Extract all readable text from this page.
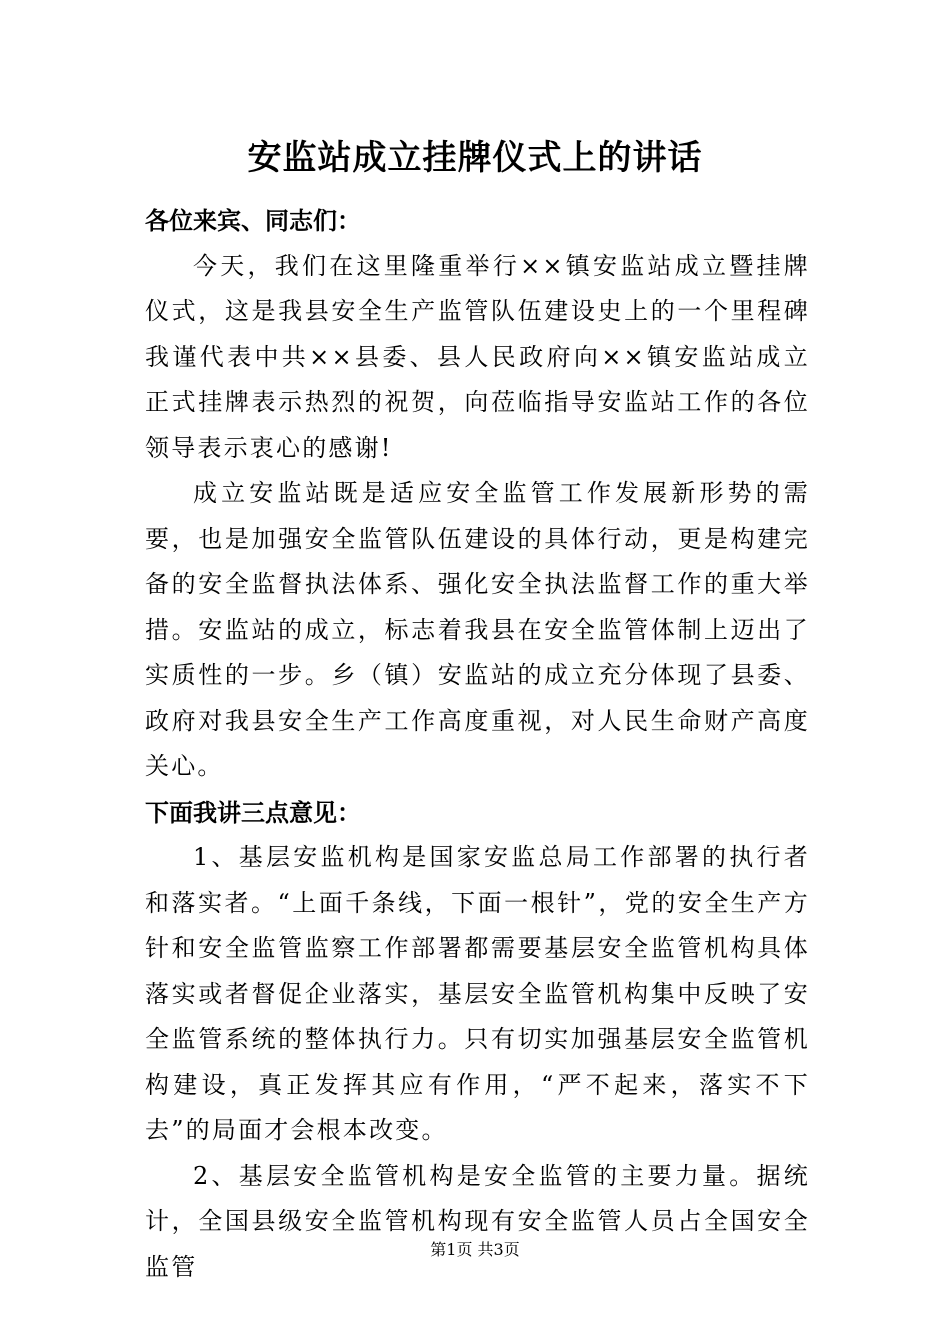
安监站成立挂牌仪式上的讲话

各位来宾、同志们：

今天，我们在这里隆重举行××镇安监站成立暨挂牌仪式，这是我县安全生产监管队伍建设史上的一个里程碑我谨代表中共××县委、县人民政府向××镇安监站成立正式挂牌表示热烈的祝贺，向莅临指导安监站工作的各位领导表示衷心的感谢!

成立安监站既是适应安全监管工作发展新形势的需要，也是加强安全监管队伍建设的具体行动，更是构建完备的安全监督执法体系、强化安全执法监督工作的重大举措。安监站的成立，标志着我县在安全监管体制上迈出了实质性的一步。乡（镇）安监站的成立充分体现了县委、政府对我县安全生产工作高度重视，对人民生命财产高度关心。

下面我讲三点意见：

1、基层安监机构是国家安监总局工作部署的执行者和落实者。“上面千条线，下面一根针”，党的安全生产方针和安全监管监察工作部署都需要基层安全监管机构具体落实或者督促企业落实，基层安全监管机构集中反映了安全监管系统的整体执行力。只有切实加强基层安全监管机构建设，真正发挥其应有作用，“严不起来，落实不下去”的局面才会根本改变。

2、基层安全监管机构是安全监管的主要力量。据统计，全国县级安全监管机构现有安全监管人员占全国安全监管

第1页 共3页
